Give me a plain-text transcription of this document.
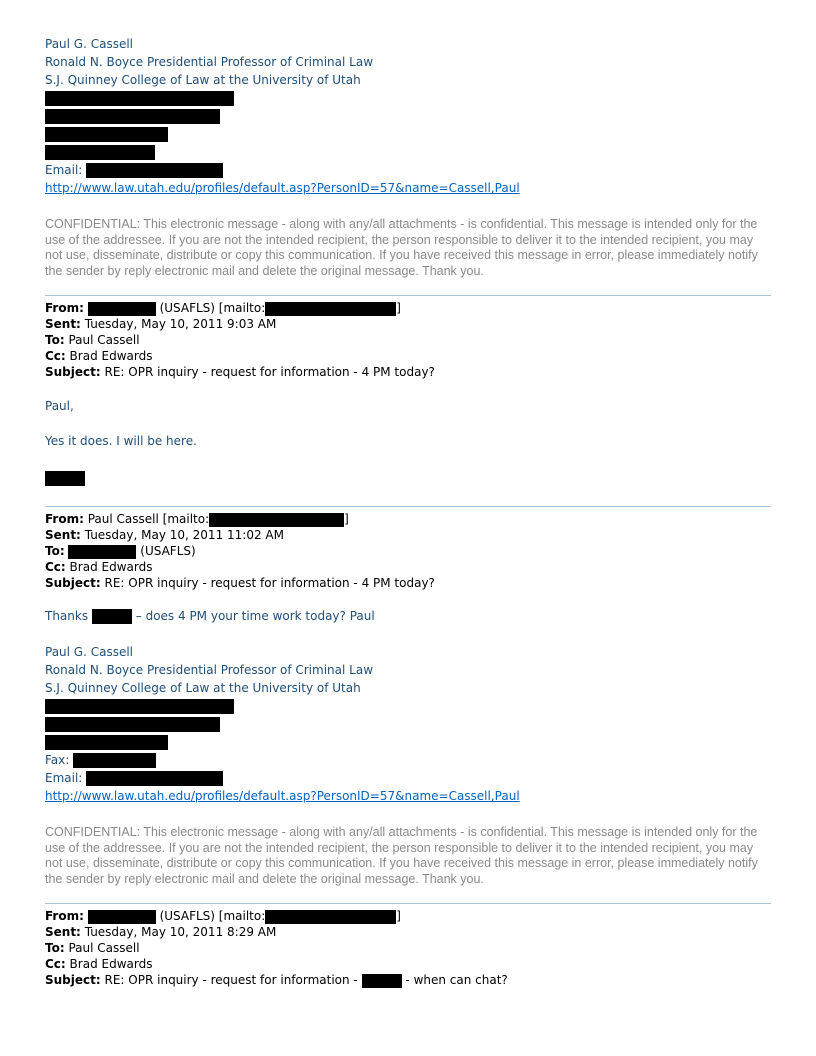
Paul G. Cassell
Ronald N. Boyce Presidential Professor of Criminal Law
S.J. Quinney College of Law at the University of Utah
Email:
http://www.law.utah.edu/profiles/default.asp?PersonID=57&name=Cassell,Paul
CONFIDENTIAL: This electronic message - along with any/all attachments - is confidential. This message is intended only for the use of the addressee. If you are not the intended recipient, the person responsible to deliver it to the intended recipient, you may not use, disseminate, distribute or copy this communication. If you have received this message in error, please immediately notify the sender by reply electronic mail and delete the original message. Thank you.
From:	(USAFLS) [mailto:	]
Sent: Tuesday, May 10, 2011 9:03 AM
To: Paul Cassell
Cc: Brad Edwards
Subject: RE: OPR inquiry - request for information - 4 PM today?
Paul,
Yes it does. I will be here.
From: Paul Cassell [mailto:	]
Sent: Tuesday, May 10, 2011 11:02 AM
To:	(USAFLS)
Cc: Brad Edwards
Subject: RE: OPR inquiry - request for information - 4 PM today?
Thanks	– does 4 PM your time work today? Paul
Paul G. Cassell
Ronald N. Boyce Presidential Professor of Criminal Law
S.J. Quinney College of Law at the University of Utah
Fax:
Email:
http://www.law.utah.edu/profiles/default.asp?PersonID=57&name=Cassell,Paul
CONFIDENTIAL: This electronic message - along with any/all attachments - is confidential. This message is intended only for the use of the addressee. If you are not the intended recipient, the person responsible to deliver it to the intended recipient, you may not use, disseminate, distribute or copy this communication. If you have received this message in error, please immediately notify the sender by reply electronic mail and delete the original message. Thank you.
From:	(USAFLS) [mailto:	]
Sent: Tuesday, May 10, 2011 8:29 AM
To: Paul Cassell
Cc: Brad Edwards
Subject: RE: OPR inquiry - request for information -	- when can chat?
